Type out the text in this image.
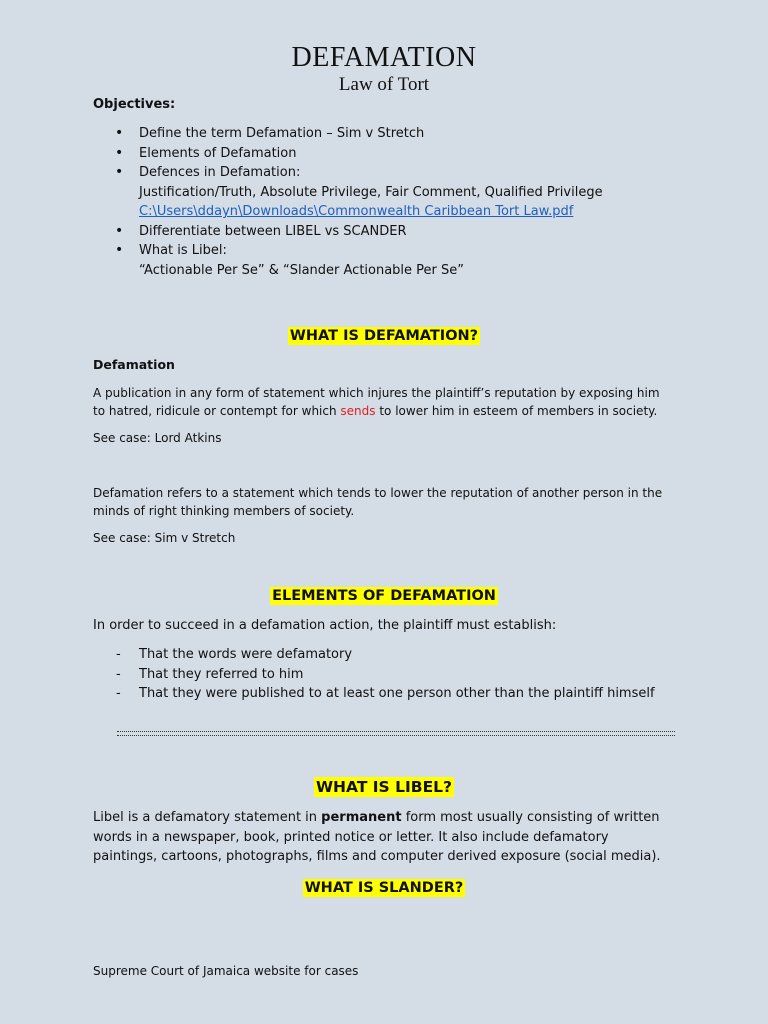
DEFAMATION
Law of Tort
Objectives:
• Define the term Defamation – Sim v Stretch
• Elements of Defamation
• Defences in Defamation:
Justification/Truth, Absolute Privilege, Fair Comment, Qualified Privilege
C:\Users\ddayn\Downloads\Commonwealth Caribbean Tort Law.pdf
• Differentiate between LIBEL vs SCANDER
• What is Libel:
“Actionable Per Se” & “Slander Actionable Per Se”
WHAT IS DEFAMATION?
Defamation
A publication in any form of statement which injures the plaintiff’s reputation by exposing him to hatred, ridicule or contempt for which sends to lower him in esteem of members in society.
See case: Lord Atkins
Defamation refers to a statement which tends to lower the reputation of another person in the minds of right thinking members of society.
See case: Sim v Stretch
ELEMENTS OF DEFAMATION
In order to succeed in a defamation action, the plaintiff must establish:
- That the words were defamatory
- That they referred to him
- That they were published to at least one person other than the plaintiff himself
WHAT IS LIBEL?
Libel is a defamatory statement in permanent form most usually consisting of written words in a newspaper, book, printed notice or letter. It also include defamatory paintings, cartoons, photographs, films and computer derived exposure (social media).
WHAT IS SLANDER?
Supreme Court of Jamaica website for cases
